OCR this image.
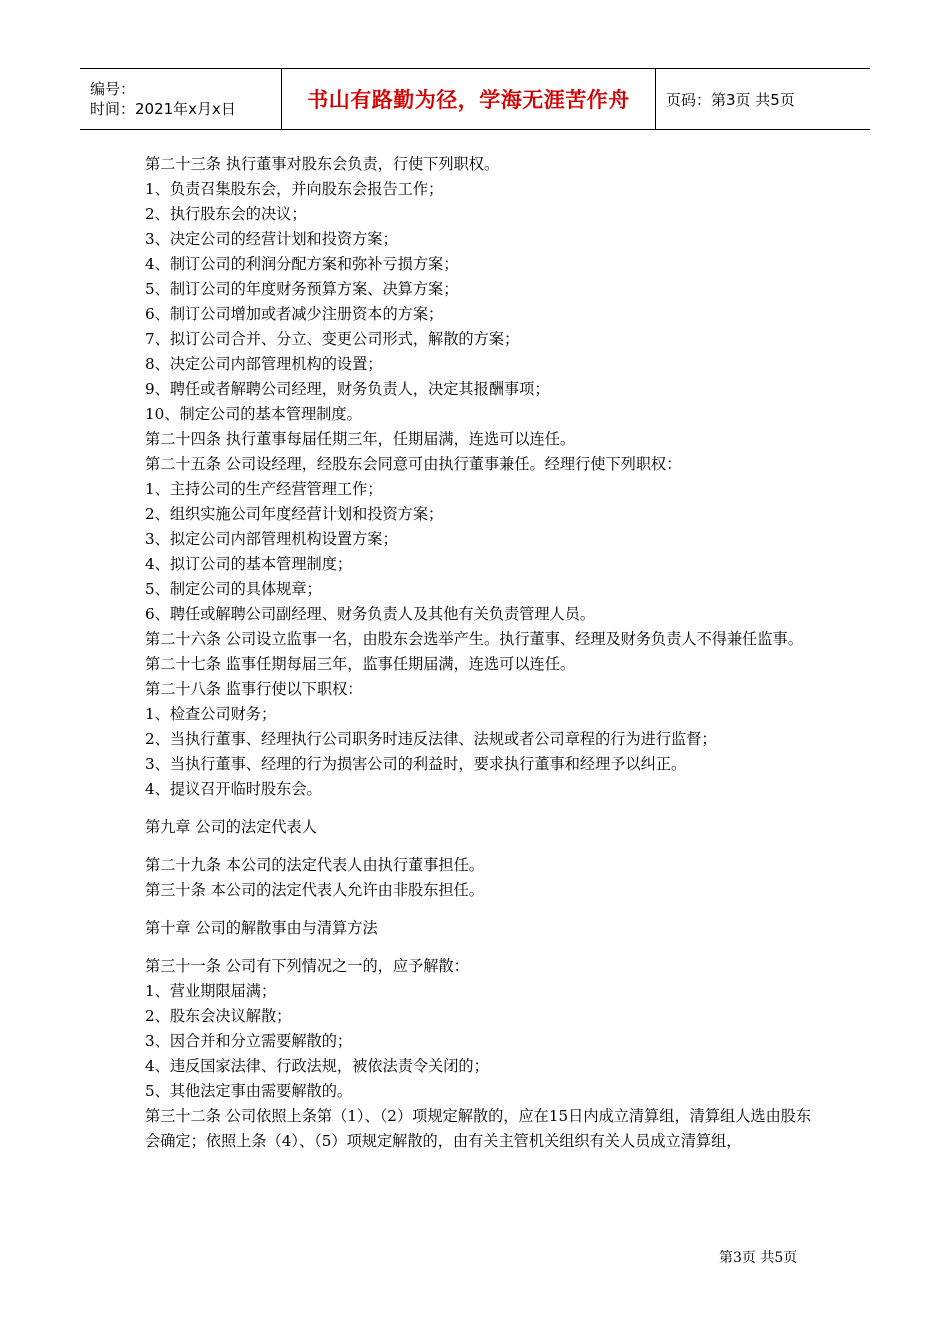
编号：
时间：2021年x月x日	书山有路勤为径，学海无涯苦作舟 页码：第3页 共5页

第二十三条 执行董事对股东会负责，行使下列职权。

1、负责召集股东会，并向股东会报告工作；

2、执行股东会的决议；

3、决定公司的经营计划和投资方案；

4、制订公司的利润分配方案和弥补亏损方案；

5、制订公司的年度财务预算方案、决算方案；

6、制订公司增加或者减少注册资本的方案；

7、拟订公司合并、分立、变更公司形式，解散的方案；

8、决定公司内部管理机构的设置；

9、聘任或者解聘公司经理，财务负责人，决定其报酬事项；

10、制定公司的基本管理制度。

第二十四条 执行董事每届任期三年，任期届满，连选可以连任。

第二十五条 公司设经理，经股东会同意可由执行董事兼任。经理行使下列职权：

1、主持公司的生产经营管理工作；

2、组织实施公司年度经营计划和投资方案；

3、拟定公司内部管理机构设置方案；

4、拟订公司的基本管理制度；

5、制定公司的具体规章；

6、聘任或解聘公司副经理、财务负责人及其他有关负责管理人员。

第二十六条 公司设立监事一名，由股东会选举产生。执行董事、经理及财务负责人不得兼任监事。

第二十七条 监事任期每届三年，监事任期届满，连选可以连任。

第二十八条 监事行使以下职权：

1、检查公司财务；

2、当执行董事、经理执行公司职务时违反法律、法规或者公司章程的行为进行监督；

3、当执行董事、经理的行为损害公司的利益时，要求执行董事和经理予以纠正。

4、提议召开临时股东会。

第九章 公司的法定代表人

第二十九条 本公司的法定代表人由执行董事担任。

第三十条 本公司的法定代表人允许由非股东担任。

第十章 公司的解散事由与清算方法

第三十一条 公司有下列情况之一的，应予解散：

1、营业期限届满；

2、股东会决议解散；

3、因合并和分立需要解散的；

4、违反国家法律、行政法规，被依法责令关闭的；

5、其他法定事由需要解散的。

第三十二条 公司依照上条第（1）、（2）项规定解散的，应在15日内成立清算组，清算组人选由股东会确定；依照上条（4）、（5）项规定解散的，由有关主管机关组织有关人员成立清算组，

第3页 共5页
